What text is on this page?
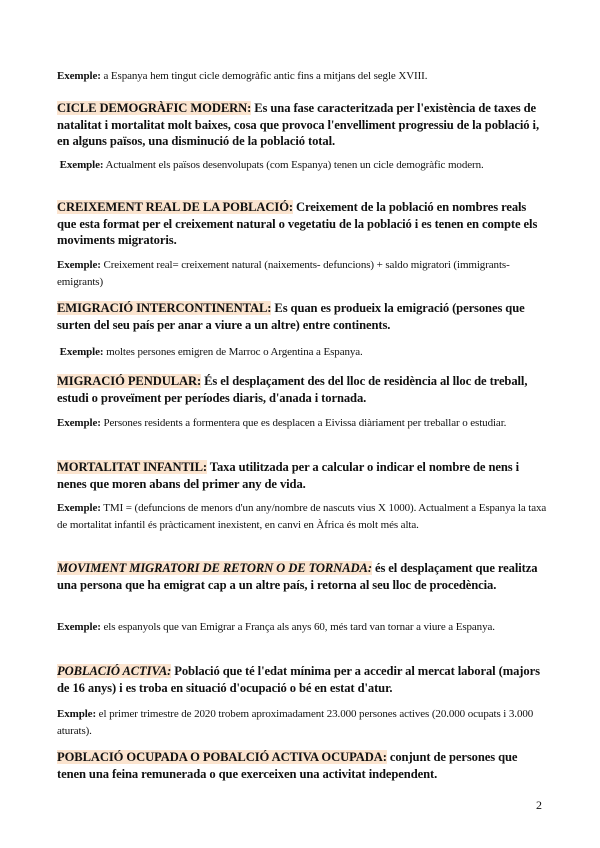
Exemple: a Espanya hem tingut cicle demogràfic antic fins a mitjans del segle XVIII.
CICLE DEMOGRÀFIC MODERN: Es una fase caracteritzada per l'existència de taxes de natalitat i mortalitat molt baixes, cosa que provoca l'envelliment progressiu de la població i, en alguns països, una disminució de la població total.
Exemple: Actualment els països desenvolupats (com Espanya) tenen un cicle demogràfic modern.
CREIXEMENT REAL DE LA POBLACIÓ: Creixement de la població en nombres reals que esta format per el creixement natural o vegetatiu de la població i es tenen en compte els moviments migratoris.
Exemple: Creixement real= creixement natural (naixements- defuncions) + saldo migratori (immigrants- emigrants)
EMIGRACIÓ INTERCONTINENTAL: Es quan es produeix la emigració (persones que surten del seu país per anar a viure a un altre) entre continents.
Exemple: moltes persones emigren de Marroc o Argentina a Espanya.
MIGRACIÓ PENDULAR: És el desplaçament des del lloc de residència al lloc de treball, estudi o proveïment per períodes diaris, d'anada i tornada.
Exemple: Persones residents a formentera que es desplacen a Eivissa diàriament per treballar o estudiar.
MORTALITAT INFANTIL: Taxa utilitzada per a calcular o indicar el nombre de nens i nenes que moren abans del primer any de vida.
Exemple: TMI = (defuncions de menors d'un any/nombre de nascuts vius X 1000). Actualment a Espanya la taxa de mortalitat infantil és pràcticament inexistent, en canvi en Àfrica és molt més alta.
MOVIMENT MIGRATORI DE RETORN O DE TORNADA: és el desplaçament que realitza una persona que ha emigrat cap a un altre país, i retorna al seu lloc de procedència.
Exemple: els espanyols que van Emigrar a França als anys 60, més tard van tornar a viure a Espanya.
POBLACIÓ ACTIVA: Població que té l'edat mínima per a accedir al mercat laboral (majors de 16 anys) i es troba en situació d'ocupació o bé en estat d'atur.
Exmple: el primer trimestre de 2020 trobem aproximadament 23.000 persones actives (20.000 ocupats i 3.000 aturats).
POBLACIÓ OCUPADA O POBALCIÓ ACTIVA OCUPADA: conjunt de persones que tenen una feina remunerada o que exerceixen una activitat independent.
2
